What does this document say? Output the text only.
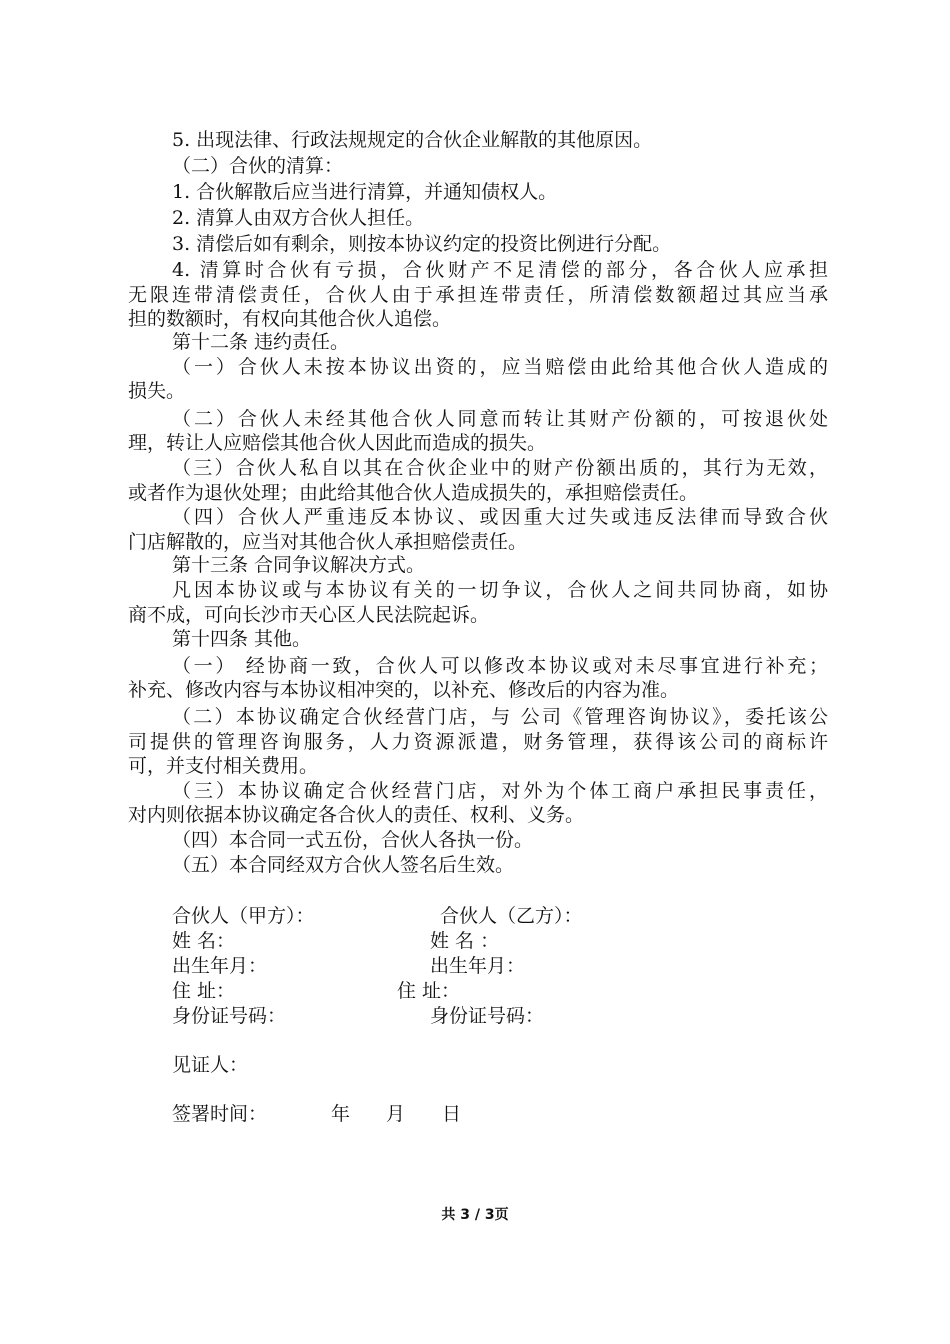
5. 出现法律、行政法规规定的合伙企业解散的其他原因。
（二）合伙的清算：
1. 合伙解散后应当进行清算，并通知债权人。
2. 清算人由双方合伙人担任。
3. 清偿后如有剩余，则按本协议约定的投资比例进行分配。
4. 清算时合伙有亏损，合伙财产不足清偿的部分，各合伙人应承担
无限连带清偿责任，合伙人由于承担连带责任，所清偿数额超过其应当承
担的数额时，有权向其他合伙人追偿。
第十二条 违约责任。
（一）合伙人未按本协议出资的，应当赔偿由此给其他合伙人造成的
损失。
（二）合伙人未经其他合伙人同意而转让其财产份额的，可按退伙处
理，转让人应赔偿其他合伙人因此而造成的损失。
（三）合伙人私自以其在合伙企业中的财产份额出质的，其行为无效，
或者作为退伙处理；由此给其他合伙人造成损失的，承担赔偿责任。
（四）合伙人严重违反本协议、或因重大过失或违反法律而导致合伙
门店解散的，应当对其他合伙人承担赔偿责任。
第十三条 合同争议解决方式。
凡因本协议或与本协议有关的一切争议，合伙人之间共同协商，如协
商不成，可向长沙市天心区人民法院起诉。
第十四条 其他。
（一） 经协商一致，合伙人可以修改本协议或对未尽事宜进行补充；
补充、修改内容与本协议相冲突的，以补充、修改后的内容为准。
（二）本协议确定合伙经营门店，与 公司《管理咨询协议》，委托该公
司提供的管理咨询服务，人力资源派遣，财务管理，获得该公司的商标许
可，并支付相关费用。
（三）本协议确定合伙经营门店，对外为个体工商户承担民事责任，
对内则依据本协议确定各合伙人的责任、权利、义务。
（四）本合同一式五份，合伙人各执一份。
（五）本合同经双方合伙人签名后生效。
合伙人（甲方）：	合伙人（乙方）：
姓 名：	姓 名 ：
出生年月：	出生年月：
住 址：	住 址：
身份证号码：	身份证号码：
见证人：
签署时间：	年 月 日
共 3 / 3页
